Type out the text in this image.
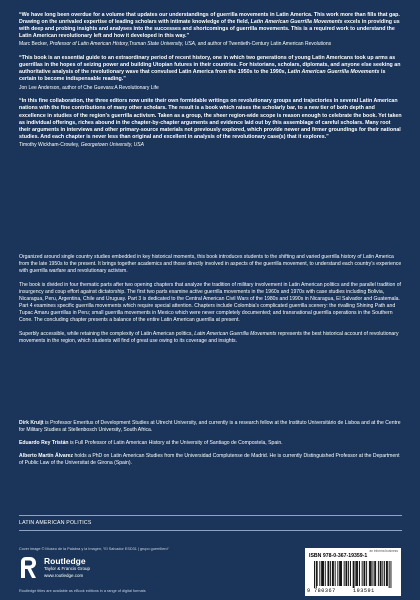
“We have long been overdue for a volume that updates our understandings of guerrilla movements in Latin America. This work more than fills that gap. Drawing on the unrivaled expertise of leading scholars with intimate knowledge of the field, Latin American Guerrilla Movements excels in providing us with deep and probing insights and analyses into the successes and shortcomings of guerrilla movements. This is a required work to understand the Latin American revolutionary left and how it developed in this way.”

Marc Becker, Professor of Latin American History,Truman State University, USA, and author of Twentieth-Century Latin American Revolutions

“This book is an essential guide to an extraordinary period of recent history, one in which two generations of young Latin Americans took up arms as guerrillas in the hopes of seizing power and building Utopian futures in their countries. For historians, scholars, diplomats, and anyone else seeking an authoritative analysis of the revolutionary wave that convulsed Latin America from the 1950s to the 1990s, Latin American Guerrilla Movements is certain to become indispensable reading.”

Jon Lee Anderson, author of Che Guevara:A Revolutionary Life

“In this fine collaboration, the three editors now unite their own formidable writings on revolutionary groups and trajectories in several Latin American nations with the fine contributions of many other scholars. The result is a book which raises the scholarly bar, to a new tier of both depth and excellence in studies of the region’s guerrilla activism. Taken as a group, the sheer region-wide scope is reason enough to celebrate the book. Yet taken as individual offerings, riches abound in the chapter-by-chapter arguments and evidence laid out by this assemblage of careful scholars. Many root their arguments in interviews and other primary-source materials not previously explored, which provide newer and firmer groundings for their national studies. And each chapter is never less than original and excellent in analysis of the revolutionary case(s) that it explores.”

Timothy Wickham-Crowley, Georgetown University, USA

Organized around single country studies embedded in key historical moments, this book introduces students to the shifting and varied guerrilla history of Latin America from the late 1950s to the present. It brings together academics and those directly involved in aspects of the guerrilla movement, to understand each country’s experience with guerrilla warfare and revolutionary activism.

The book is divided in four thematic parts after two opening chapters that analyze the tradition of military involvement in Latin American politics and the parallel tradition of insurgency and coup effort against dictatorship. The first two parts examine active guerrilla movements in the 1960s and 1970s with case studies including Bolivia, Nicaragua, Peru, Argentina, Chile and Uruguay. Part 3 is dedicated to the Central American Civil Wars of the 1980s and 1990s in Nicaragua, El Salvador and Guatemala. Part 4 examines specific guerrilla movements which require special attention. Chapters include Colombia’s complicated guerrilla scenery: the rivalling Shining Path and Tupac Amaru guerrillas in Peru; small guerrilla movements in Mexico which were never completely documented; and transnational guerrilla operations in the Southern Cone. The concluding chapter presents a balance of the entire Latin American guerrilla at present.

Superbly accessible, while retaining the complexity of Latin American politics, Latin American Guerrilla Movements represents the best historical account of revolutionary movements in the region, which students will find of great use owing to its coverage and insights.

Dirk Kruijt is Professor Emeritus of Development Studies at Utrecht University, and currently is a research fellow at the Instituto Universitário de Lisboa and at the Centre for Military Studies at Stellenbosch University, South Africa.

Eduardo Rey Tristán is Full Professor of Latin American History at the University of Santiago de Compostela, Spain.

Alberto Martín Álvarez holds a PhD on Latin American Studies from the Universidad Complutense de Madrid. He is currently Distinguished Professor at the Department of Public Law of the Universitat de Girona (Spain).

LATIN AMERICAN POLITICS
Cover image © Museo de la Palabra y la Imagen, “El Salvador ESD31 | grupo guerrillero”
Routledge
Taylor & Francis Group
www.routledge.com
Routledge titles are available as eBook editions in a range of digital formats
an informa business
ISBN 978-0-367-19359-1
9 780367	193591
